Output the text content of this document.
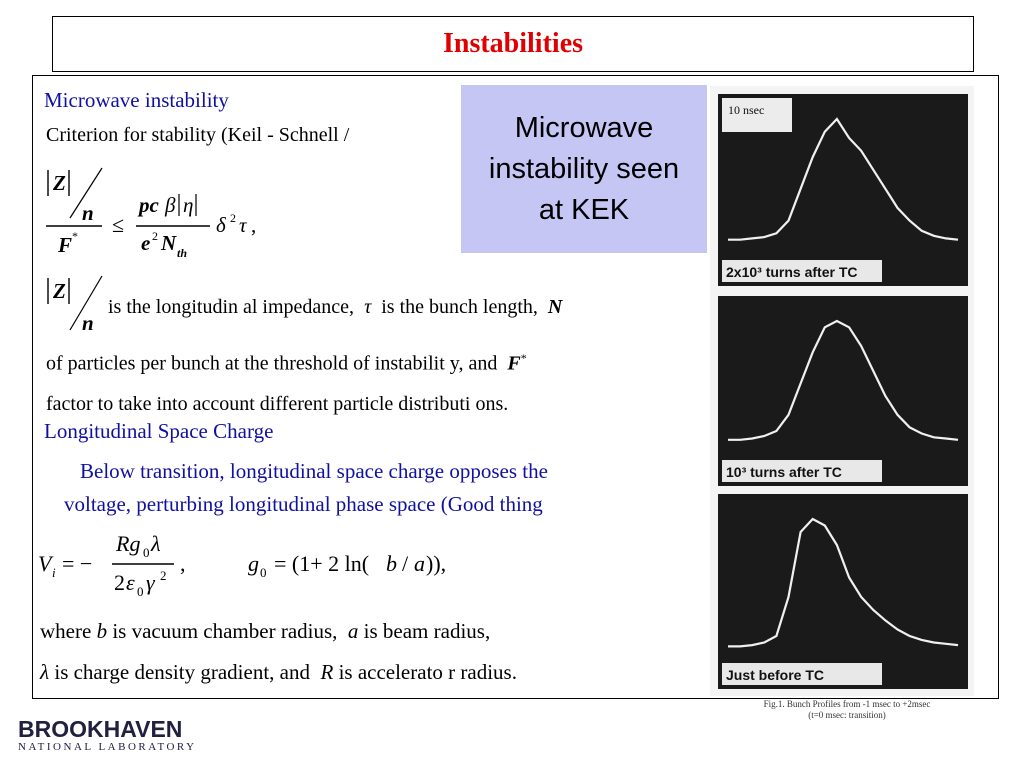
Instabilities
Microwave instability
Criterion for stability (Keil - Schnell /
Z
n
F * ≤
pc β η
e 2 N th
δ 2 τ ,
Z
n
is the longitudin al impedance,  τ  is the bunch length,  N
of particles per bunch at the threshold of instabilit y, and  F*
factor to take into account different particle distributi ons.
Microwave
instability seen
at KEK
Longitudinal Space Charge
Below transition, longitudinal space charge opposes the
voltage, perturbing longitudinal phase space (Good thing
V i = −
Rg 0 λ
2 ε 0 γ 2 ,	g 0 = (1+ 2 ln( b / a )),
where b is vacuum chamber radius,  a is beam radius,
λ is charge density gradient, and  R is accelerato r radius.
2x10³ turns after TC
10 nsec
10³ turns after TC
Just before TC
Fig.1. Bunch Profiles from -1 msec to +2msec
(t=0 msec: transition)
BROOKHAVEN
NATIONAL LABORATORY
